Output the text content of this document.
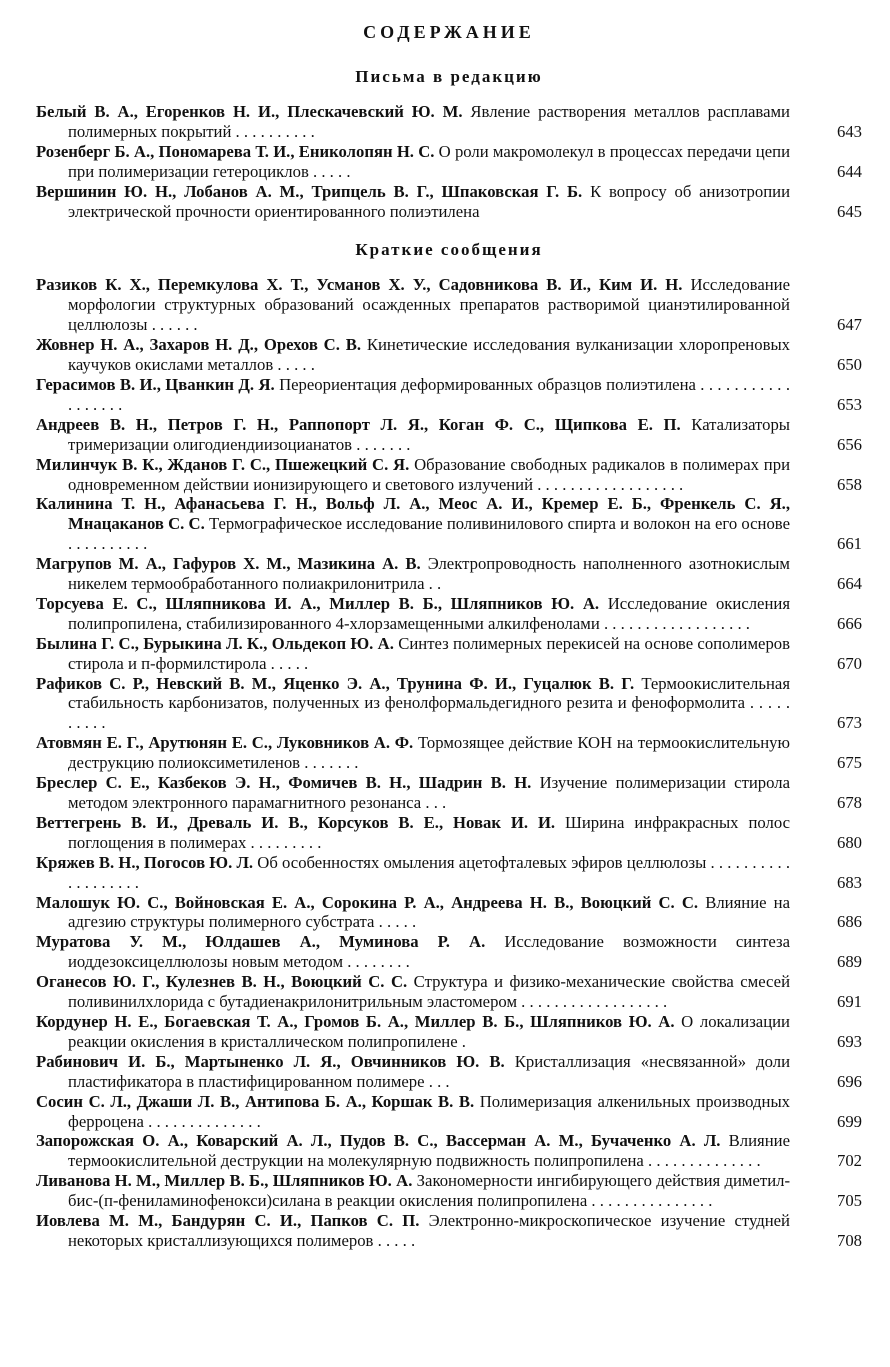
СОДЕРЖАНИЕ
Письма в редакцию
Белый В. А., Егоренков Н. И., Плескачевский Ю. М. Явление растворения металлов расплавами полимерных покрытий . . . . . . . . . .	643
Розенберг Б. А., Пономарева Т. И., Ениколопян Н. С. О роли макромолекул в процессах передачи цепи при полимеризации гетероциклов . . . . .	644
Вершинин Ю. Н., Лобанов А. М., Трипцель В. Г., Шпаковская Г. Б. К вопросу об анизотропии электрической прочности ориентированного полиэтилена	645
Краткие сообщения
Разиков К. Х., Перемкулова Х. Т., Усманов Х. У., Садовникова В. И., Ким И. Н. Исследование морфологии структурных образований осажденных препаратов растворимой цианэтилированной целлюлозы . . . . . .	647
Жовнер Н. А., Захаров Н. Д., Орехов С. В. Кинетические исследования вулканизации хлоропреновых каучуков окислами металлов . . . . .	650
Герасимов В. И., Цванкин Д. Я. Переориентация деформированных образцов полиэтилена . . . . . . . . . . . . . . . . . .	653
Андреев В. Н., Петров Г. Н., Раппопорт Л. Я., Коган Ф. С., Щипкова Е. П. Катализаторы тримеризации олигодиендиизоцианатов . . . . . . .	656
Милинчук В. К., Жданов Г. С., Пшежецкий С. Я. Образование свободных радикалов в полимерах при одновременном действии ионизирующего и светового излучений . . . . . . . . . . . . . . . . . .	658
Калинина Т. Н., Афанасьева Г. Н., Вольф Л. А., Меос А. И., Кремер Е. Б., Френкель С. Я., Мнацаканов С. С. Термографическое исследование поливинилового спирта и волокон на его основе . . . . . . . . . .	661
Магрупов М. А., Гафуров Х. М., Мазикина А. В. Электропроводность наполненного азотнокислым никелем термообработанного полиакрилонитрила . .	664
Торсуева Е. С., Шляпникова И. А., Миллер В. Б., Шляпников Ю. А. Исследование окисления полипропилена, стабилизированного 4-хлорзамещенными алкилфенолами . . . . . . . . . . . . . . . . . .	666
Былина Г. С., Бурыкина Л. К., Ольдекоп Ю. А. Синтез полимерных перекисей на основе сополимеров стирола и п-формилстирола . . . . .	670
Рафиков С. Р., Невский В. М., Яценко Э. А., Трунина Ф. И., Гуцалюк В. Г. Термоокислительная стабильность карбонизатов, полученных из фенолформальдегидного резита и феноформолита . . . . . . . . . .	673
Атовмян Е. Г., Арутюнян Е. С., Луковников А. Ф. Тормозящее действие КОН на термоокислительную деструкцию полиоксиметиленов . . . . . . .	675
Бреслер С. Е., Казбеков Э. Н., Фомичев В. Н., Шадрин В. Н. Изучение полимеризации стирола методом электронного парамагнитного резонанса . . .	678
Веттегрень В. И., Древаль И. В., Корсуков В. Е., Новак И. И. Ширина инфракрасных полос поглощения в полимерах . . . . . . . . .	680
Кряжев В. Н., Погосов Ю. Л. Об особенностях омыления ацетофталевых эфиров целлюлозы . . . . . . . . . . . . . . . . . . .	683
Малошук Ю. С., Войновская Е. А., Сорокина Р. А., Андреева Н. В., Воюцкий С. С. Влияние на адгезию структуры полимерного субстрата . . . . .	686
Муратова У. М., Юлдашев А., Муминова Р. А. Исследование возможности синтеза иоддезоксицеллюлозы новым методом . . . . . . . .	689
Оганесов Ю. Г., Кулезнев В. Н., Воюцкий С. С. Структура и физико-механические свойства смесей поливинилхлорида с бутадиенакрилонитрильным эластомером . . . . . . . . . . . . . . . . . .	691
Кордунер Н. Е., Богаевская Т. А., Громов Б. А., Миллер В. Б., Шляпников Ю. А. О локализации реакции окисления в кристаллическом полипропилене .	693
Рабинович И. Б., Мартыненко Л. Я., Овчинников Ю. В. Кристаллизация «несвязанной» доли пластификатора в пластифицированном полимере . . .	696
Сосин С. Л., Джаши Л. В., Антипова Б. А., Коршак В. В. Полимеризация алкенильных производных ферроцена . . . . . . . . . . . . . .	699
Запорожская О. А., Коварский А. Л., Пудов В. С., Вассерман А. М., Бучаченко А. Л. Влияние термоокислительной деструкции на молекулярную подвижность полипропилена . . . . . . . . . . . . . .	702
Ливанова Н. М., Миллер В. Б., Шляпников Ю. А. Закономерности ингибирующего действия диметил-бис-(п-фениламинофенокси)силана в реакции окисления полипропилена . . . . . . . . . . . . . . .	705
Иовлева М. М., Бандурян С. И., Папков С. П. Электронно-микроскопическое изучение студней некоторых кристаллизующихся полимеров . . . . .	708
